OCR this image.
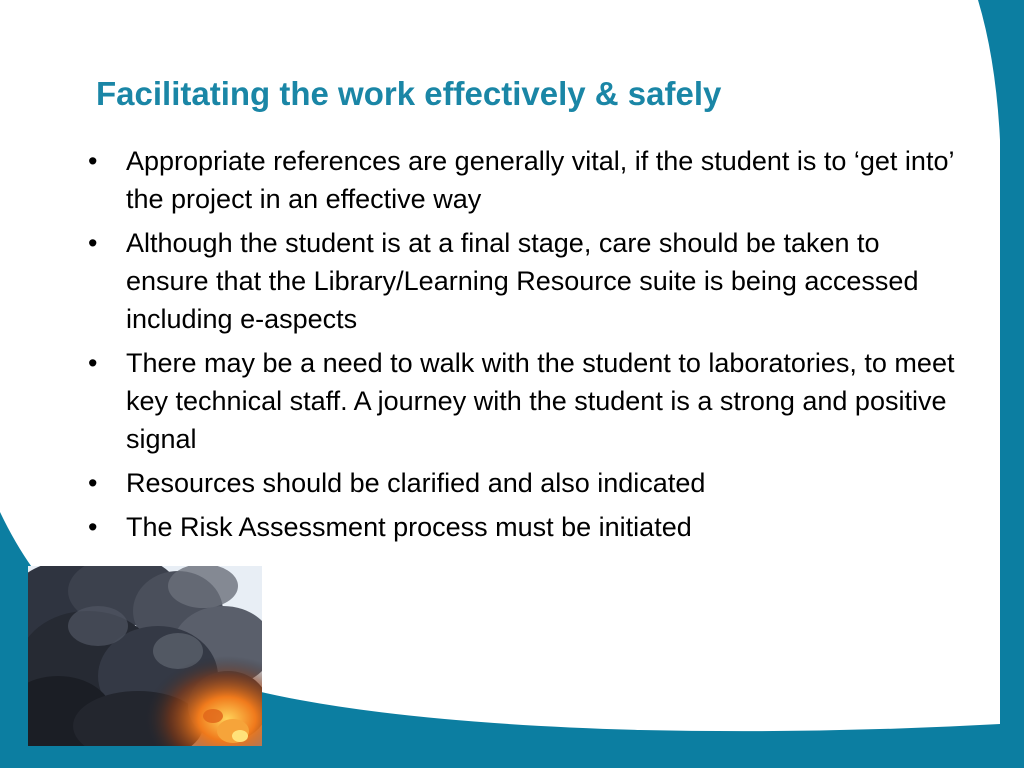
Facilitating the work effectively & safely
• Appropriate references are generally vital, if the student is to ‘get into’ the project in an effective way
• Although the student is at a final stage, care should be taken to ensure that the Library/Learning Resource suite is being accessed including e-aspects
• There may be a need to walk with the student to laboratories, to meet key technical staff. A journey with the student is a strong and positive signal
• Resources should be clarified and also indicated
• The Risk Assessment process must be initiated
